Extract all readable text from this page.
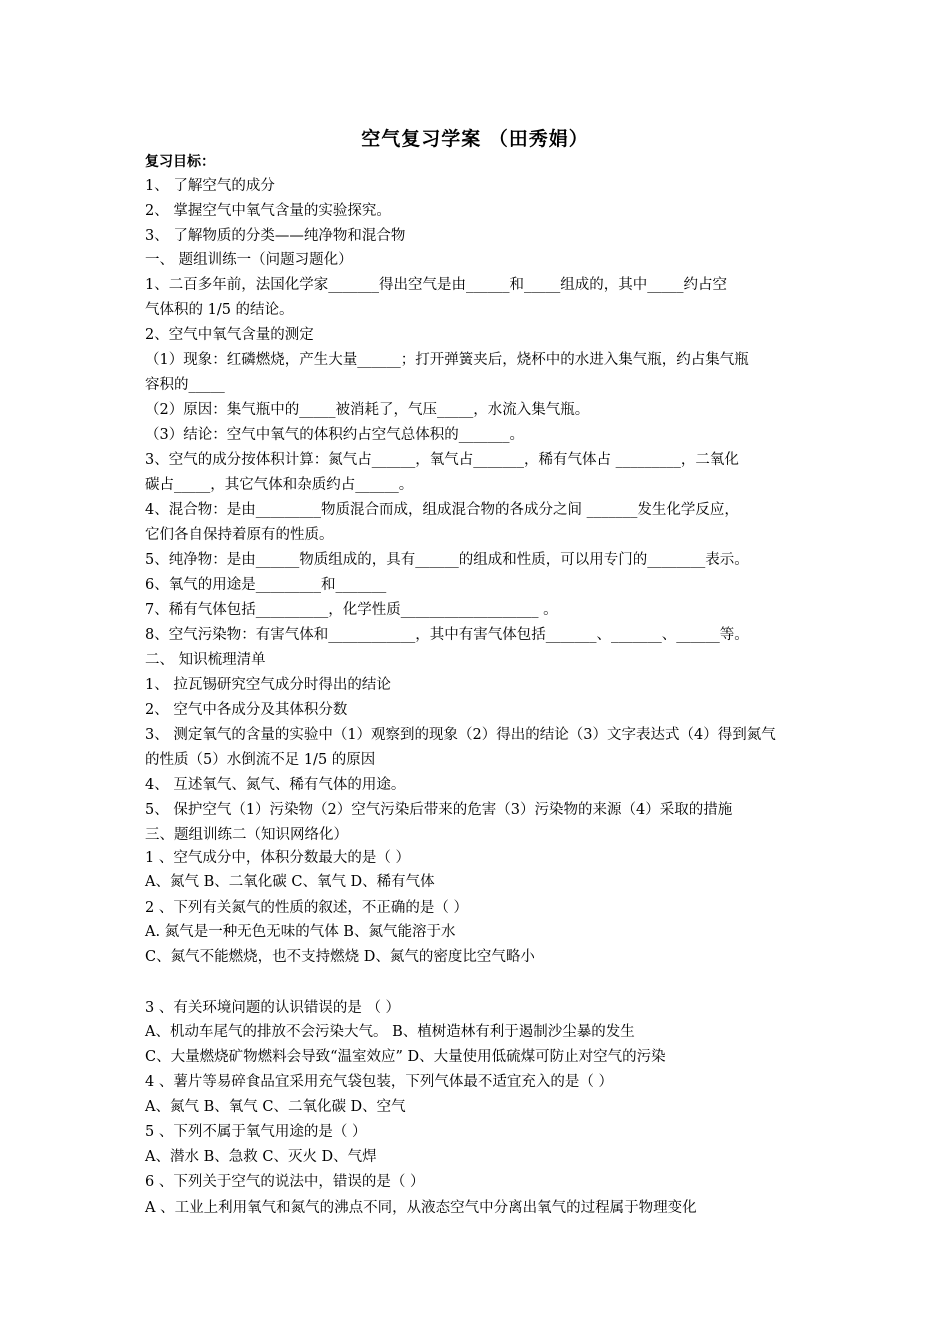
空气复习学案 （田秀娟）
复习目标：
1、 了解空气的成分
2、 掌握空气中氧气含量的实验探究。
3、 了解物质的分类——纯净物和混合物
一、 题组训练一（问题习题化）
1、二百多年前，法国化学家_______得出空气是由______和_____组成的，其中_____约占空
气体积的 1/5 的结论。
2、空气中氧气含量的测定
（1）现象：红磷燃烧，产生大量______；打开弹簧夹后，烧杯中的水进入集气瓶，约占集气瓶
容积的_____
（2）原因：集气瓶中的_____被消耗了，气压_____，水流入集气瓶。
（3）结论：空气中氧气的体积约占空气总体积的_______。
3、空气的成分按体积计算：氮气占______，氧气占_______，稀有气体占 _________，二氧化
碳占_____，其它气体和杂质约占______。
4、混合物：是由_________物质混合而成，组成混合物的各成分之间 _______发生化学反应，
它们各自保持着原有的性质。
5、纯净物：是由______物质组成的，具有______的组成和性质，可以用专门的________表示。
6、氧气的用途是_________和_______
7、稀有气体包括__________，化学性质___________________ 。
8、空气污染物：有害气体和____________，其中有害气体包括_______、_______、______等。
二、 知识梳理清单
1、 拉瓦锡研究空气成分时得出的结论
2、 空气中各成分及其体积分数
3、 测定氧气的含量的实验中（1）观察到的现象（2）得出的结论（3）文字表达式（4）得到氮气
的性质（5）水倒流不足 1/5 的原因
4、 互述氧气、氮气、稀有气体的用途。
5、 保护空气（1）污染物（2）空气污染后带来的危害（3）污染物的来源（4）采取的措施
三、题组训练二（知识网络化）
1 、空气成分中，体积分数最大的是（ ）
A、氮气 B、二氧化碳 C、氧气 D、稀有气体
2 、下列有关氮气的性质的叙述，不正确的是（ ）
A. 氮气是一种无色无味的气体 B、氮气能溶于水
C、氮气不能燃烧，也不支持燃烧 D、氮气的密度比空气略小
3 、有关环境问题的认识错误的是 （ ）
A、机动车尾气的排放不会污染大气。 B、植树造林有利于遏制沙尘暴的发生
C、大量燃烧矿物燃料会导致“温室效应” D、大量使用低硫煤可防止对空气的污染
4 、薯片等易碎食品宜采用充气袋包装，下列气体最不适宜充入的是（ ）
A、氮气 B、氧气 C、二氧化碳 D、空气
5 、下列不属于氧气用途的是（ ）
A、潜水 B、急救 C、灭火 D、气焊
6 、下列关于空气的说法中，错误的是（ ）
A 、工业上利用氧气和氮气的沸点不同，从液态空气中分离出氧气的过程属于物理变化
